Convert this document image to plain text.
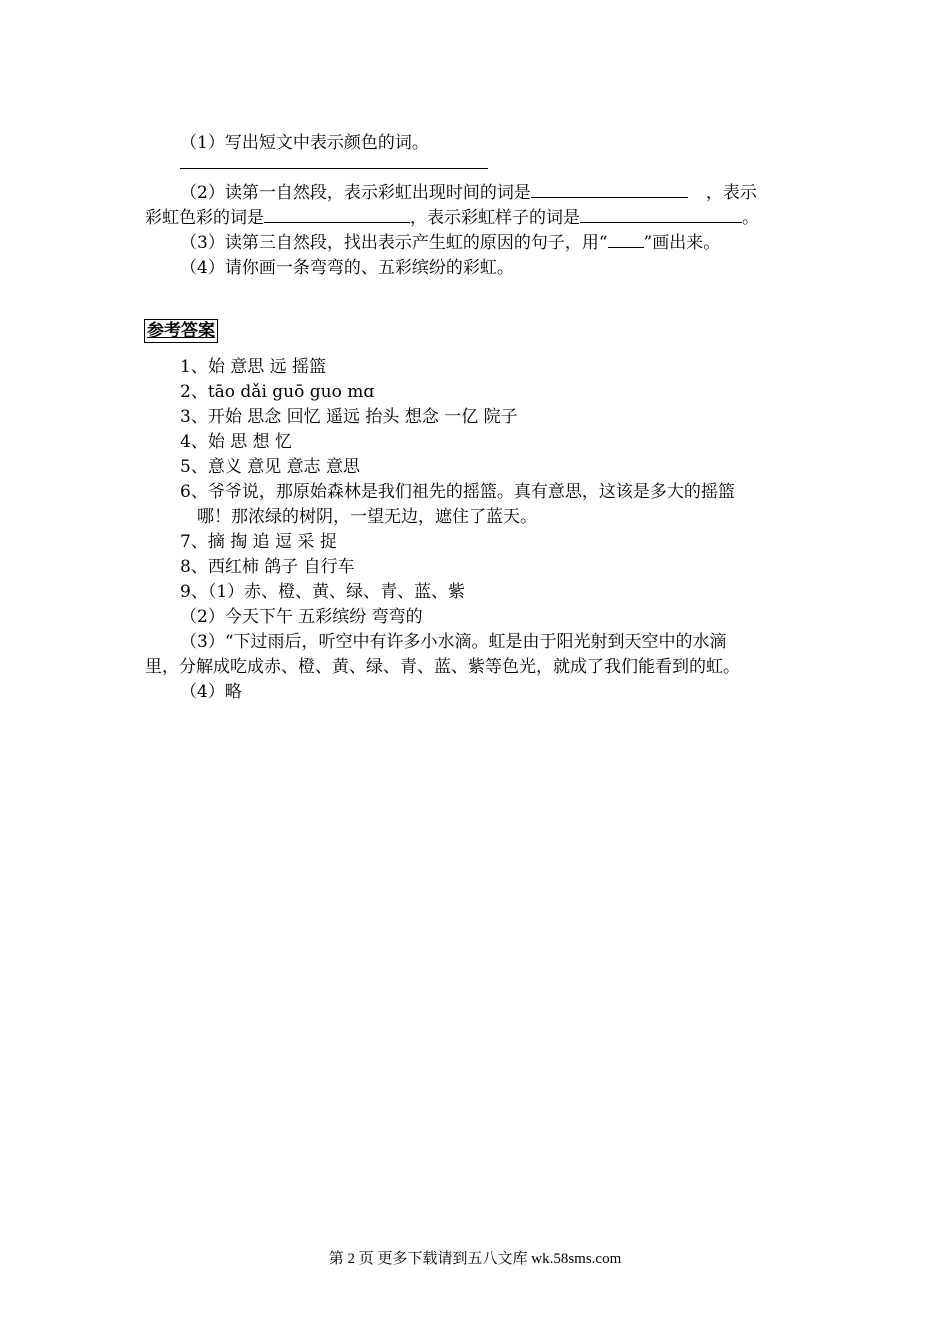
（1）写出短文中表示颜色的词。
（2）读第一自然段，表示彩虹出现时间的词是	，表示
彩虹色彩的词是	，表示彩虹样子的词是	。
（3）读第三自然段，找出表示产生虹的原因的句子，用“ ”画出来。
（4）请你画一条弯弯的、五彩缤纷的彩虹。
参考答案
1、始 意思 远 摇篮
2、tāo dǎi guō guo mɑ
3、开始 思念 回忆 遥远 抬头 想念 一亿 院子
4、始 思 想 忆
5、意义 意见 意志 意思
6、爷爷说，那原始森林是我们祖先的摇篮。真有意思，这该是多大的摇篮
哪！那浓绿的树阴，一望无边，遮住了蓝天。
7、摘 掏 追 逗 采 捉
8、西红柿 鸽子 自行车
9、（1）赤、橙、黄、绿、青、蓝、紫
（2）今天下午 五彩缤纷 弯弯的
（3）“下过雨后，听空中有许多小水滴。虹是由于阳光射到天空中的水滴
里，分解成吃成赤、橙、黄、绿、青、蓝、紫等色光，就成了我们能看到的虹。
（4）略
第 2 页 更多下载请到五八文库 wk.58sms.com
